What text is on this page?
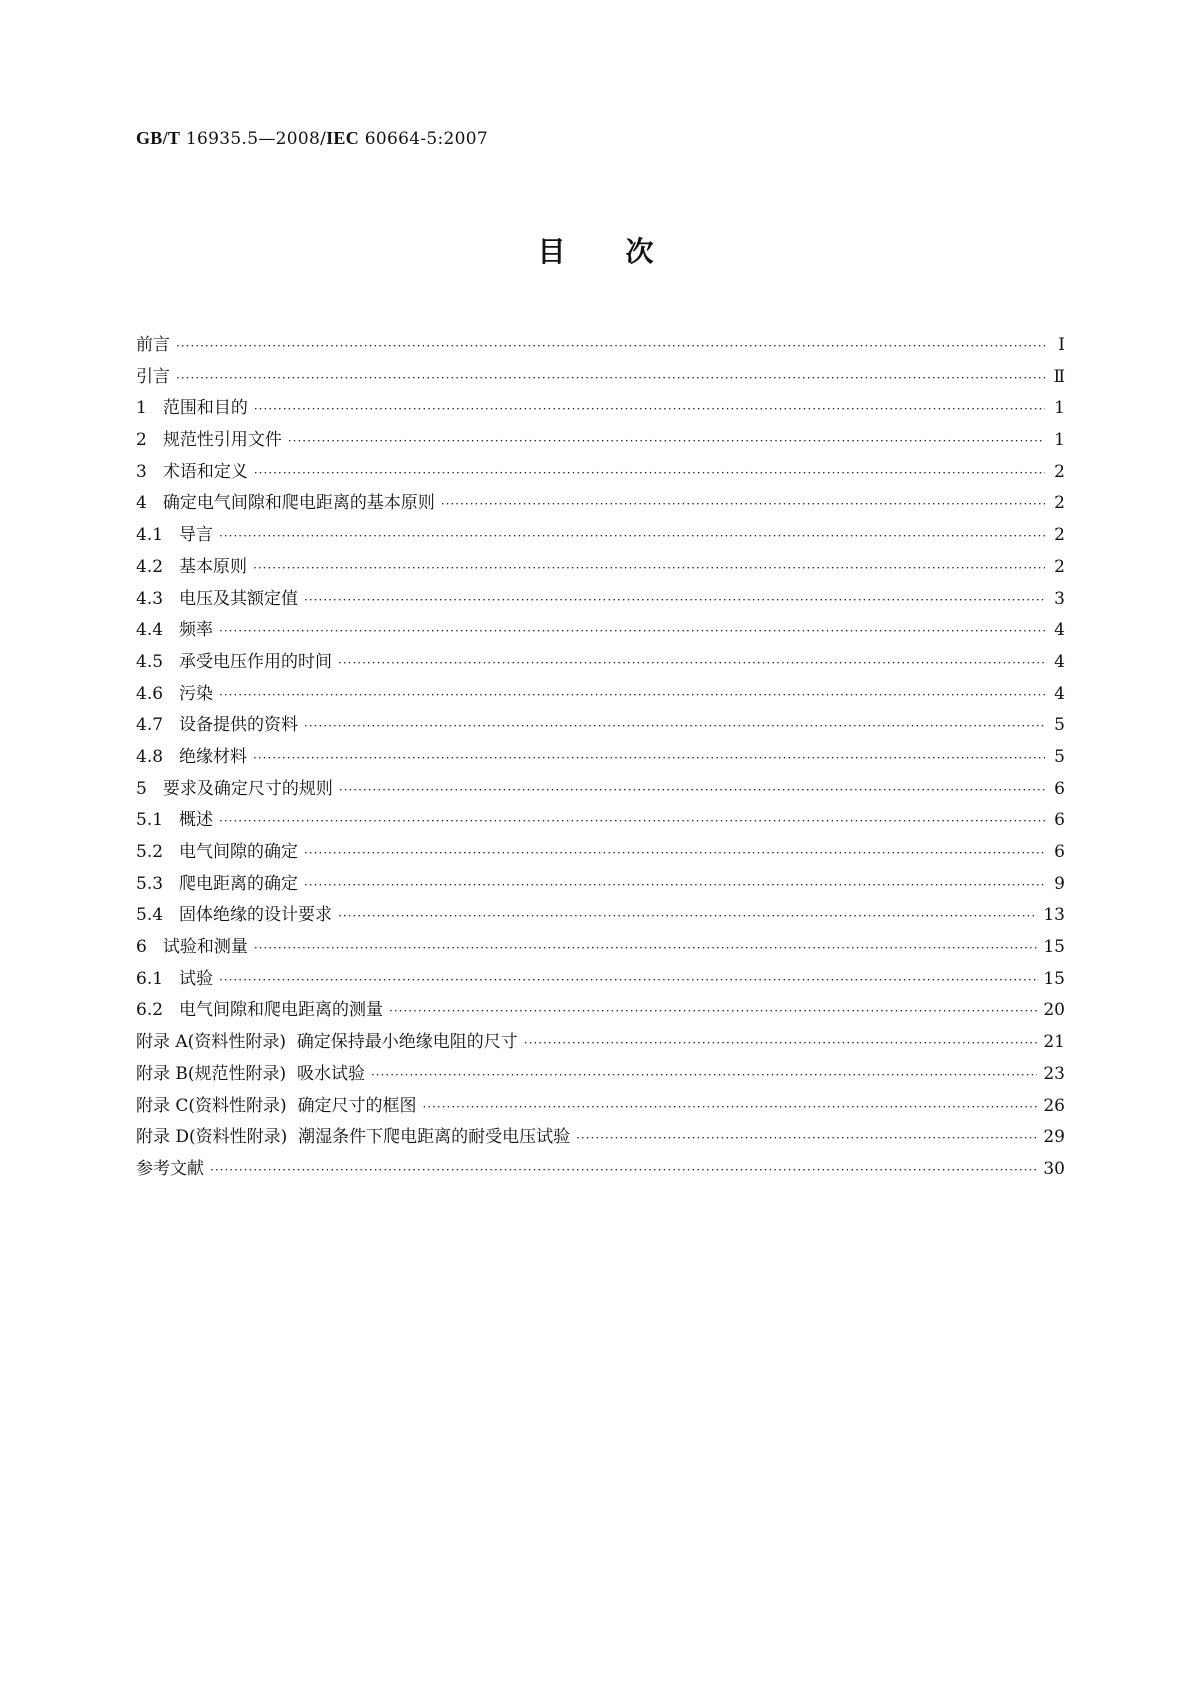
GB/T 16935.5—2008/IEC 60664-5:2007
目 次
前言 ·····	Ⅰ
引言 ·····	Ⅱ
1 范围和目的 ·····	1
2 规范性引用文件 ·····	1
3 术语和定义 ·····	2
4 确定电气间隙和爬电距离的基本原则 ·····	2
4.1 导言 ·····	2
4.2 基本原则 ·····	2
4.3 电压及其额定值 ·····	3
4.4 频率 ·····	4
4.5 承受电压作用的时间 ·····	4
4.6 污染 ·····	4
4.7 设备提供的资料 ·····	5
4.8 绝缘材料 ·····	5
5 要求及确定尺寸的规则 ·····	6
5.1 概述 ·····	6
5.2 电气间隙的确定 ·····	6
5.3 爬电距离的确定 ·····	9
5.4 固体绝缘的设计要求 ·····	13
6 试验和测量 ·····	15
6.1 试验 ·····	15
6.2 电气间隙和爬电距离的测量 ·····	20
附录 A(资料性附录)  确定保持最小绝缘电阻的尺寸 ·····	21
附录 B(规范性附录)  吸水试验 ·····	23
附录 C(资料性附录)  确定尺寸的框图 ·····	26
附录 D(资料性附录)  潮湿条件下爬电距离的耐受电压试验 ·····	29
参考文献 ·····	30
